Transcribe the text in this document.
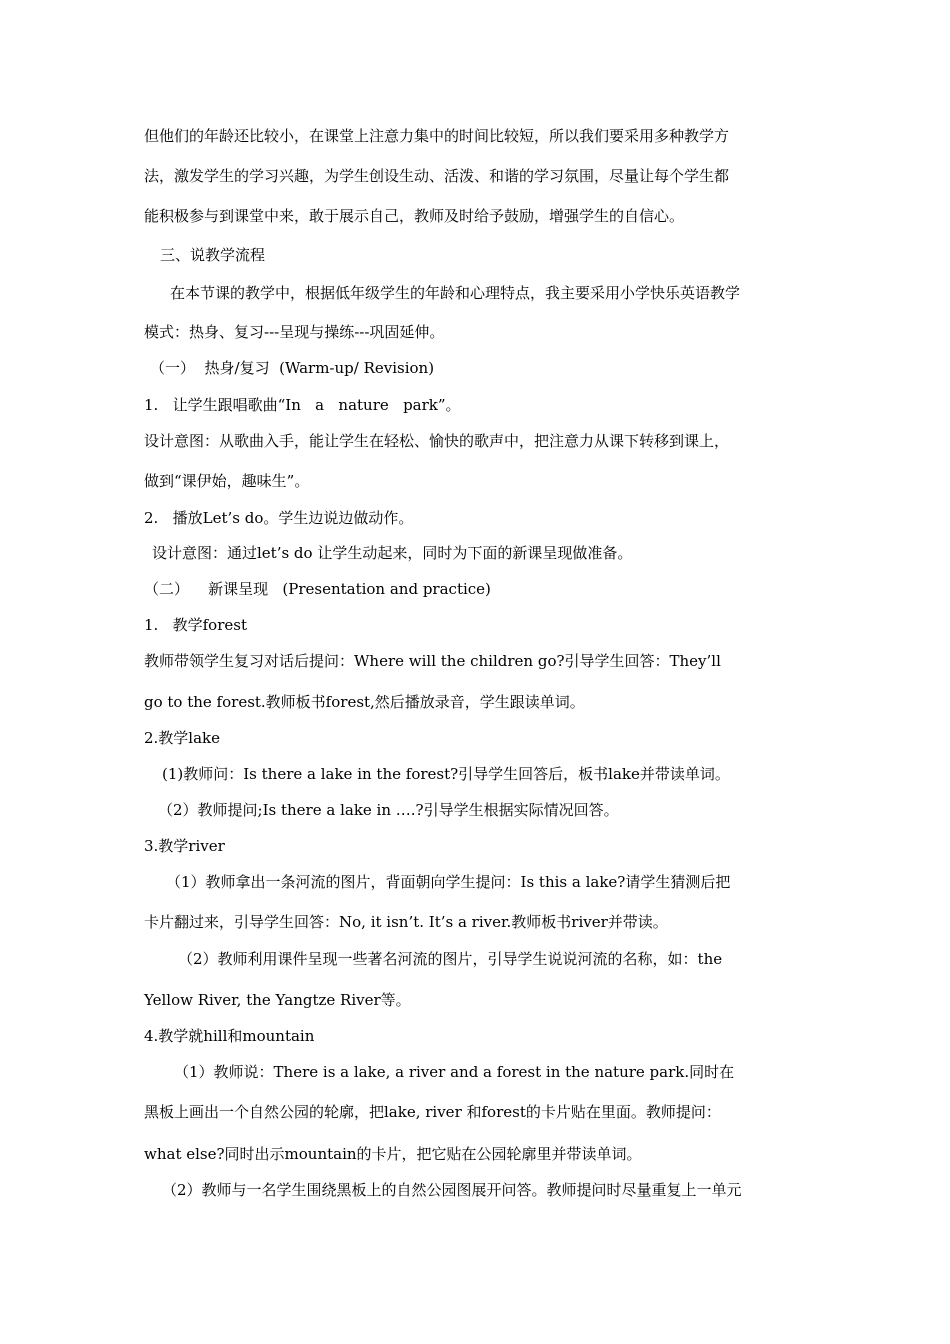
但他们的年龄还比较小，在课堂上注意力集中的时间比较短，所以我们要采用多种教学方
法，激发学生的学习兴趣，为学生创设生动、活泼、和谐的学习氛围，尽量让每个学生都
能积极参与到课堂中来，敢于展示自己，教师及时给予鼓励，增强学生的自信心。
三、说教学流程
在本节课的教学中，根据低年级学生的年龄和心理特点，我主要采用小学快乐英语教学
模式：热身、复习---呈现与操练---巩固延伸。
（一）  热身/复习  (Warm-up/ Revision)
1.   让学生跟唱歌曲“In   a   nature   park”。
设计意图：从歌曲入手，能让学生在轻松、愉快的歌声中，把注意力从课下转移到课上，
做到“课伊始，趣味生”。
2.   播放Let’s do。学生边说边做动作。
设计意图：通过let’s do 让学生动起来，同时为下面的新课呈现做准备。
（二）    新课呈现   (Presentation and practice)
1.   教学forest
教师带领学生复习对话后提问：Where will the children go?引导学生回答：They’ll
go to the forest.教师板书forest,然后播放录音，学生跟读单词。
2.教学lake
(1)教师问：Is there a lake in the forest?引导学生回答后，板书lake并带读单词。
（2）教师提问;Is there a lake in ….?引导学生根据实际情况回答。
3.教学river
（1）教师拿出一条河流的图片，背面朝向学生提问：Is this a lake?请学生猜测后把
卡片翻过来，引导学生回答：No, it isn’t. It’s a river.教师板书river并带读。
（2）教师利用课件呈现一些著名河流的图片，引导学生说说河流的名称，如：the
Yellow River, the Yangtze River等。
4.教学就hill和mountain
（1）教师说：There is a lake, a river and a forest in the nature park.同时在
黑板上画出一个自然公园的轮廓，把lake, river 和forest的卡片贴在里面。教师提问：
what else?同时出示mountain的卡片，把它贴在公园轮廓里并带读单词。
（2）教师与一名学生围绕黑板上的自然公园图展开问答。教师提问时尽量重复上一单元
